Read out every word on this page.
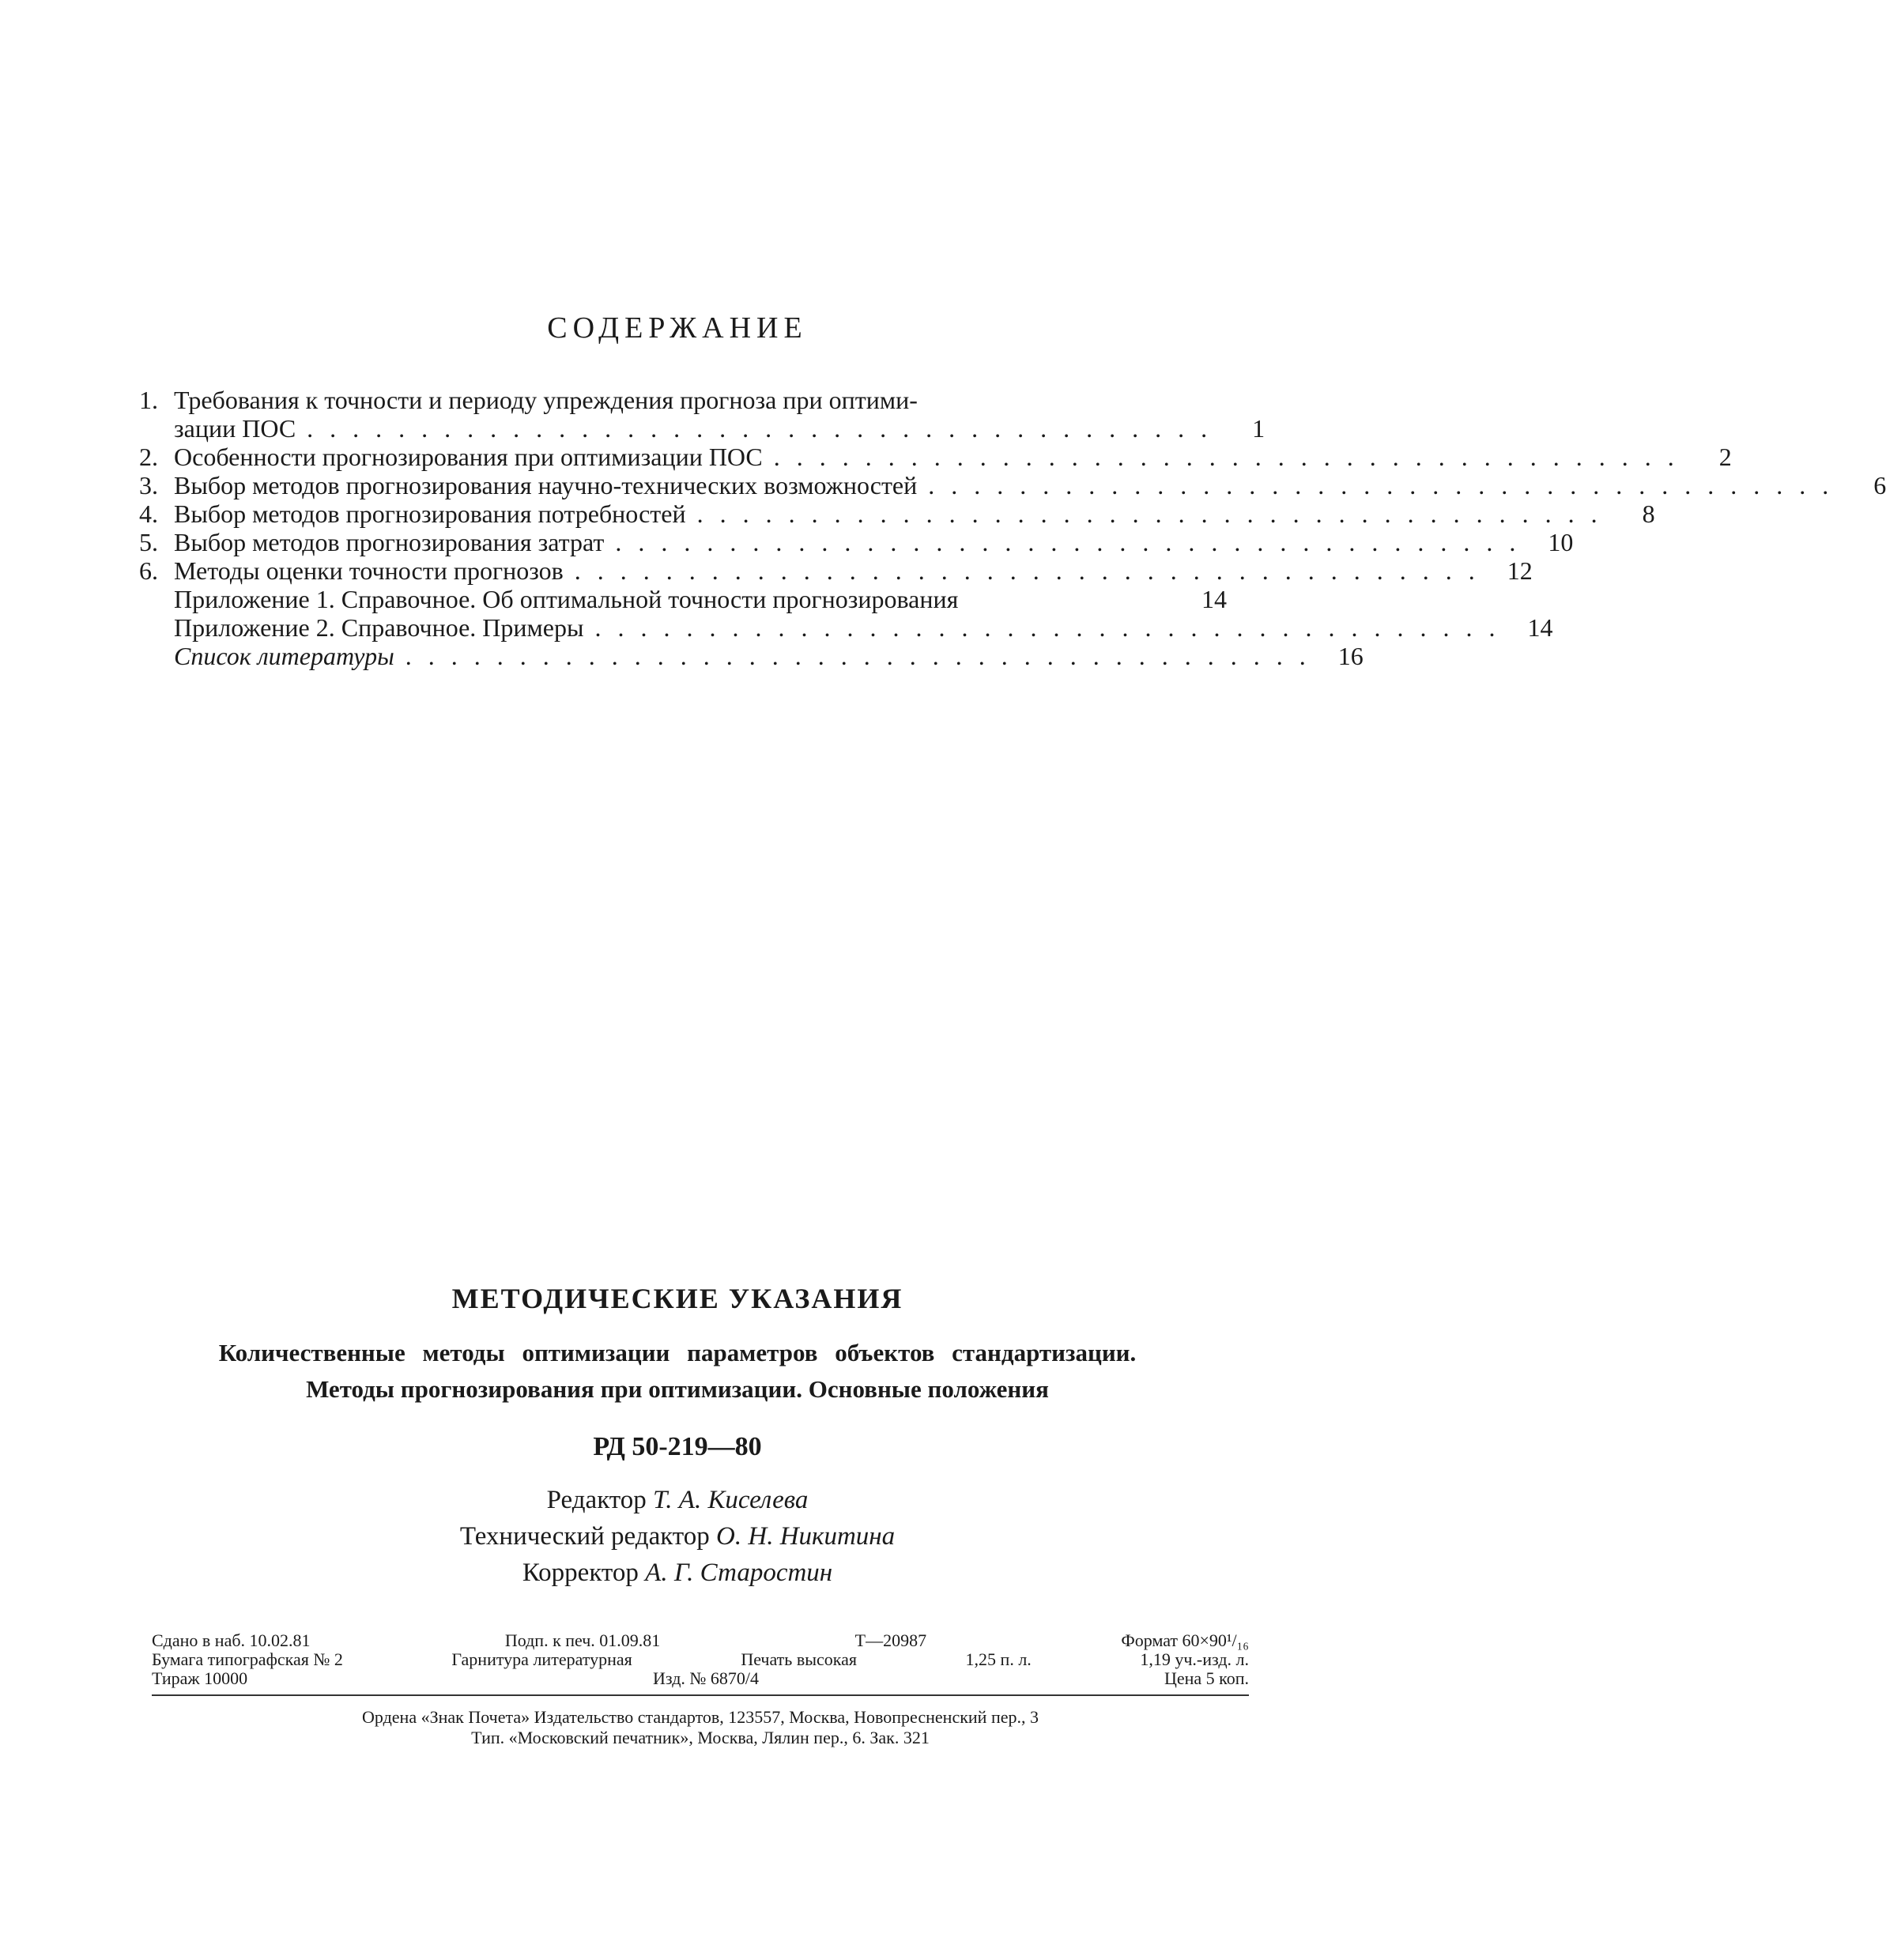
СОДЕРЖАНИЕ
1. Требования к точности и периоду упреждения прогноза при оптими-
зации ПОС ........................................	1
2. Особенности прогнозирования при оптимизации ПОС ........................................	2
3. Выбор методов прогнозирования научно-технических возможностей ........................................	6
4. Выбор методов прогнозирования потребностей ........................................	8
5. Выбор методов прогнозирования затрат ........................................ 10
6. Методы оценки точности прогнозов ........................................ 12
Приложение 1. Справочное. Об оптимальной точности прогнозирования	14
Приложение 2. Справочное. Примеры ........................................ 14
Список литературы ........................................ 16
МЕТОДИЧЕСКИЕ УКАЗАНИЯ
Количественные методы оптимизации параметров объектов стандартизации.
Методы прогнозирования при оптимизации. Основные положения
РД 50-219—80
Редактор Т. А. Киселева
Технический редактор О. Н. Никитина
Корректор А. Г. Старостин
Сдано в наб. 10.02.81	Подп. к печ. 01.09.81	Т—20987	Формат 60×90¹/₁₆
Бумага типографская № 2	Гарнитура литературная	Печать высокая	1,25 п. л.	1,19 уч.-изд. л.
Тираж 10000	Изд. № 6870/4	Цена 5 коп.
Ордена «Знак Почета» Издательство стандартов, 123557, Москва, Новопресненский пер., 3
Тип. «Московский печатник», Москва, Лялин пер., 6. Зак. 321
